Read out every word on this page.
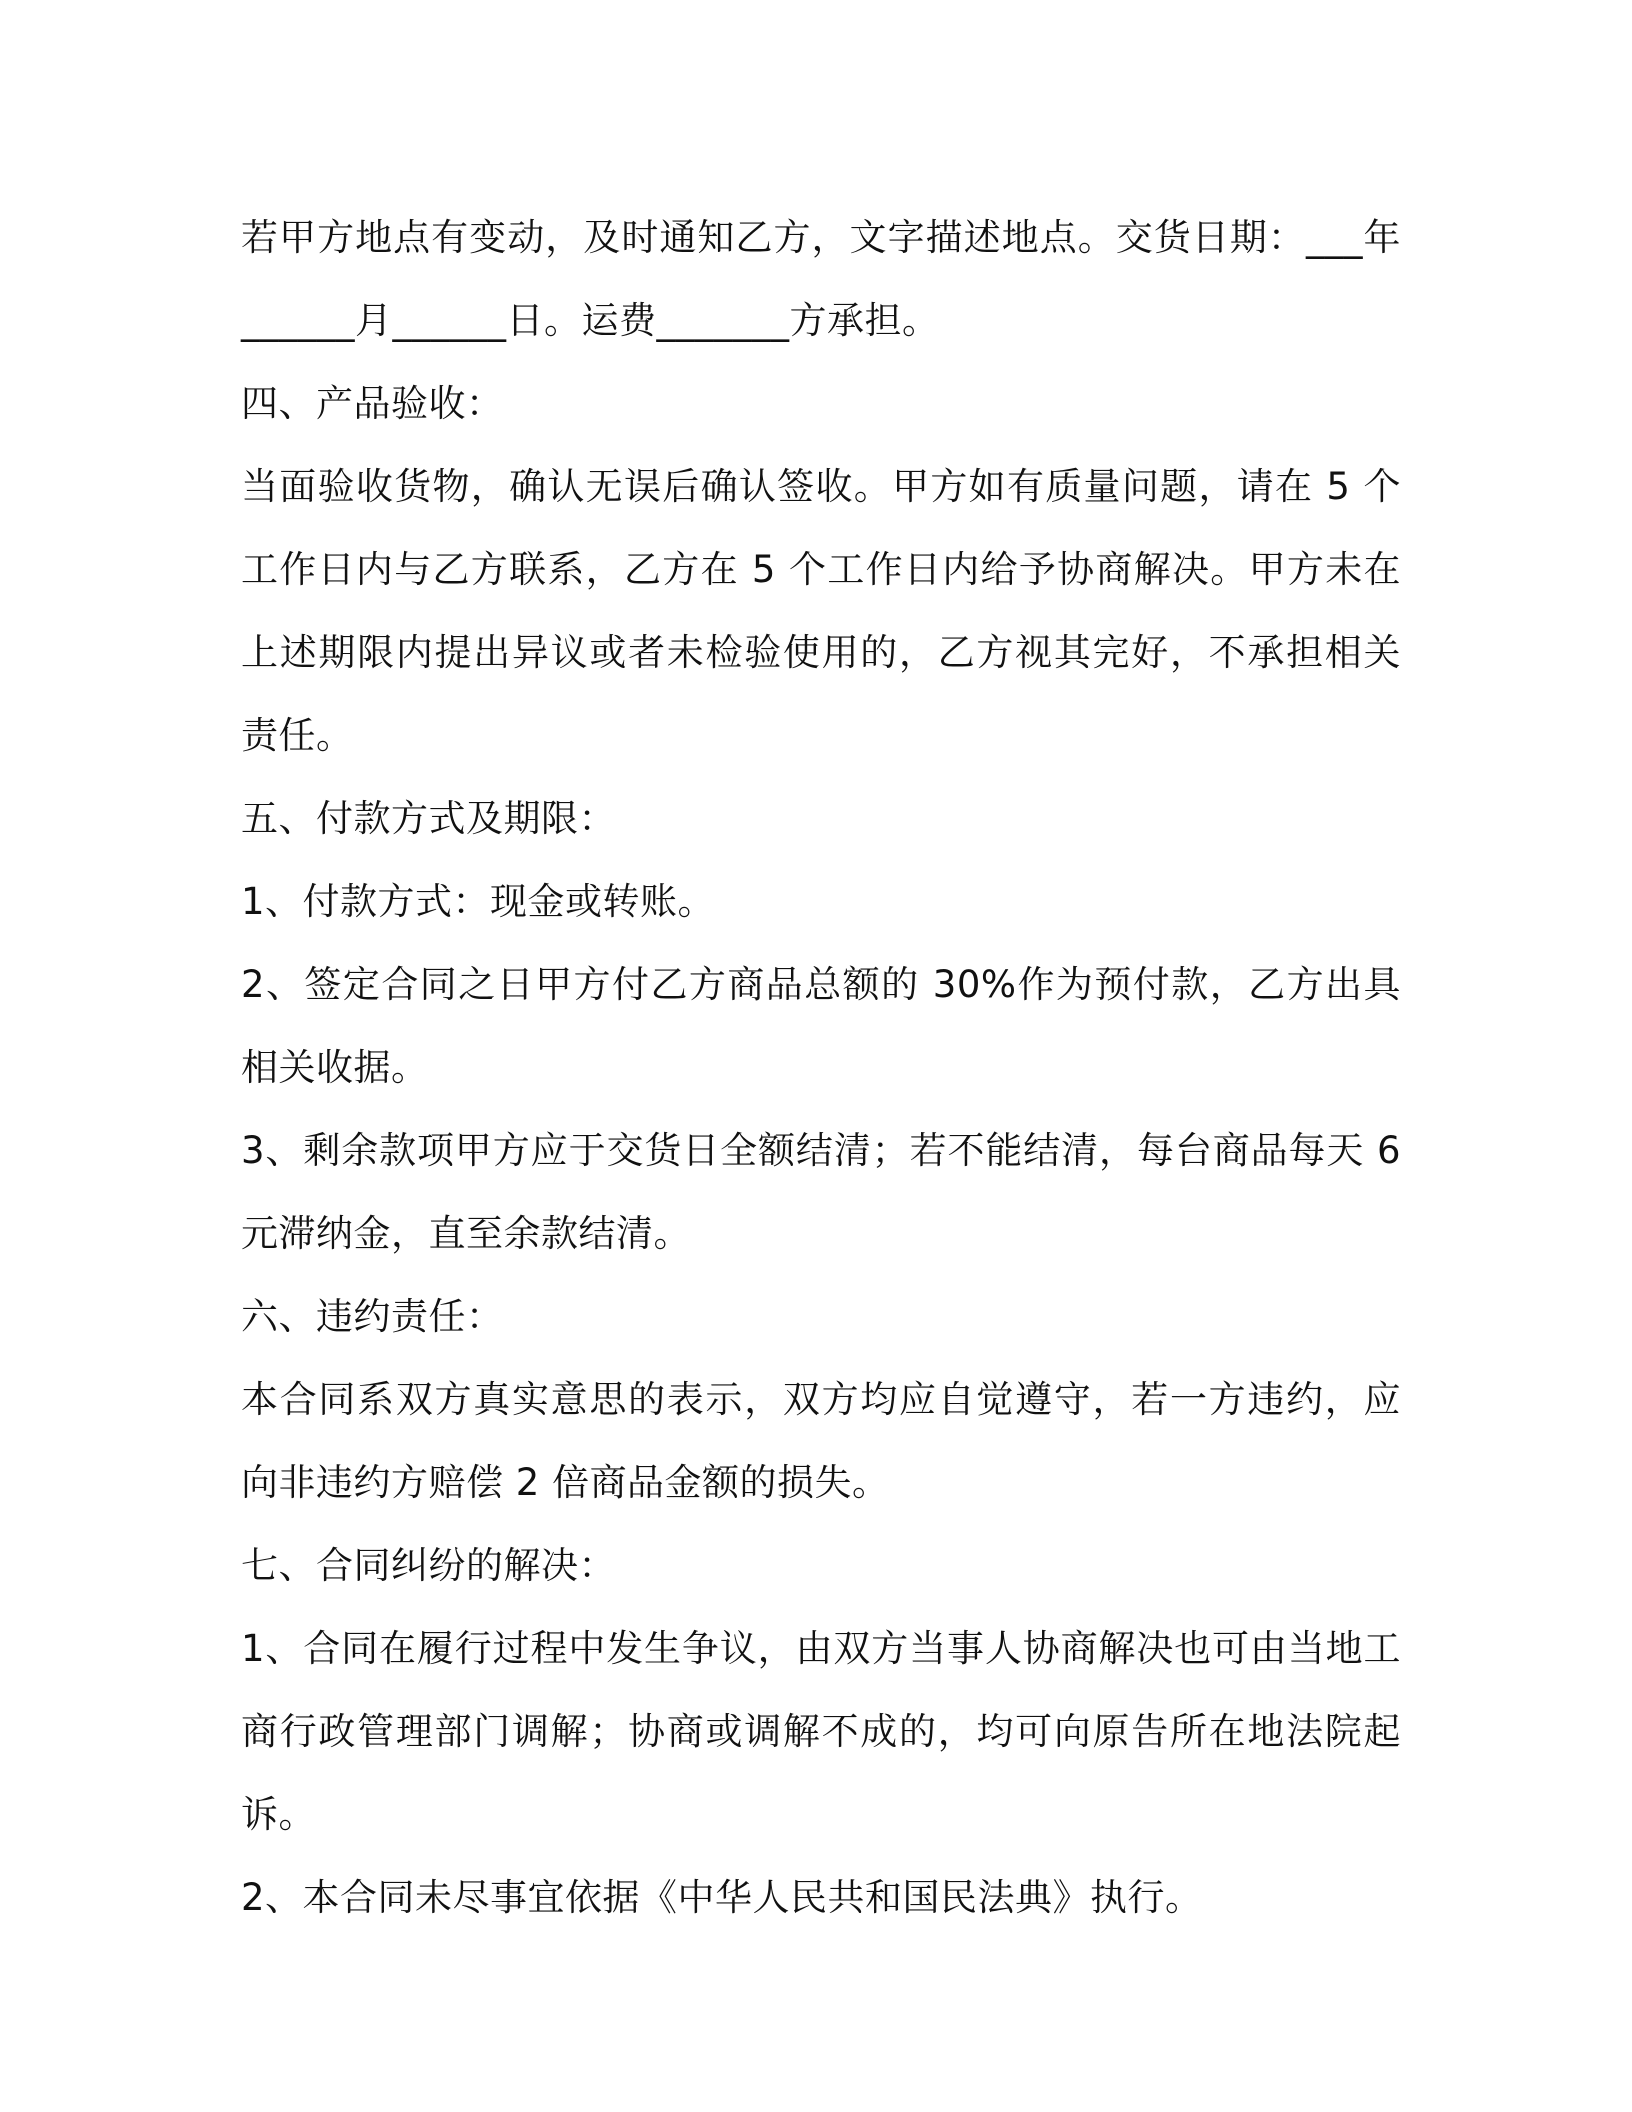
若甲方地点有变动，及时通知乙方，文字描述地点。交货日期：___年______月______日。运费_______方承担。

四、产品验收：

当面验收货物，确认无误后确认签收。甲方如有质量问题，请在 5 个工作日内与乙方联系，乙方在 5 个工作日内给予协商解决。甲方未在上述期限内提出异议或者未检验使用的，乙方视其完好，不承担相关责任。

五、付款方式及期限：

1、付款方式：现金或转账。

2、签定合同之日甲方付乙方商品总额的 30%作为预付款，乙方出具相关收据。

3、剩余款项甲方应于交货日全额结清；若不能结清，每台商品每天 6 元滞纳金，直至余款结清。

六、违约责任：

本合同系双方真实意思的表示，双方均应自觉遵守，若一方违约，应向非违约方赔偿 2 倍商品金额的损失。

七、合同纠纷的解决：

1、合同在履行过程中发生争议，由双方当事人协商解决也可由当地工商行政管理部门调解；协商或调解不成的，均可向原告所在地法院起诉。

2、本合同未尽事宜依据《中华人民共和国民法典》执行。
